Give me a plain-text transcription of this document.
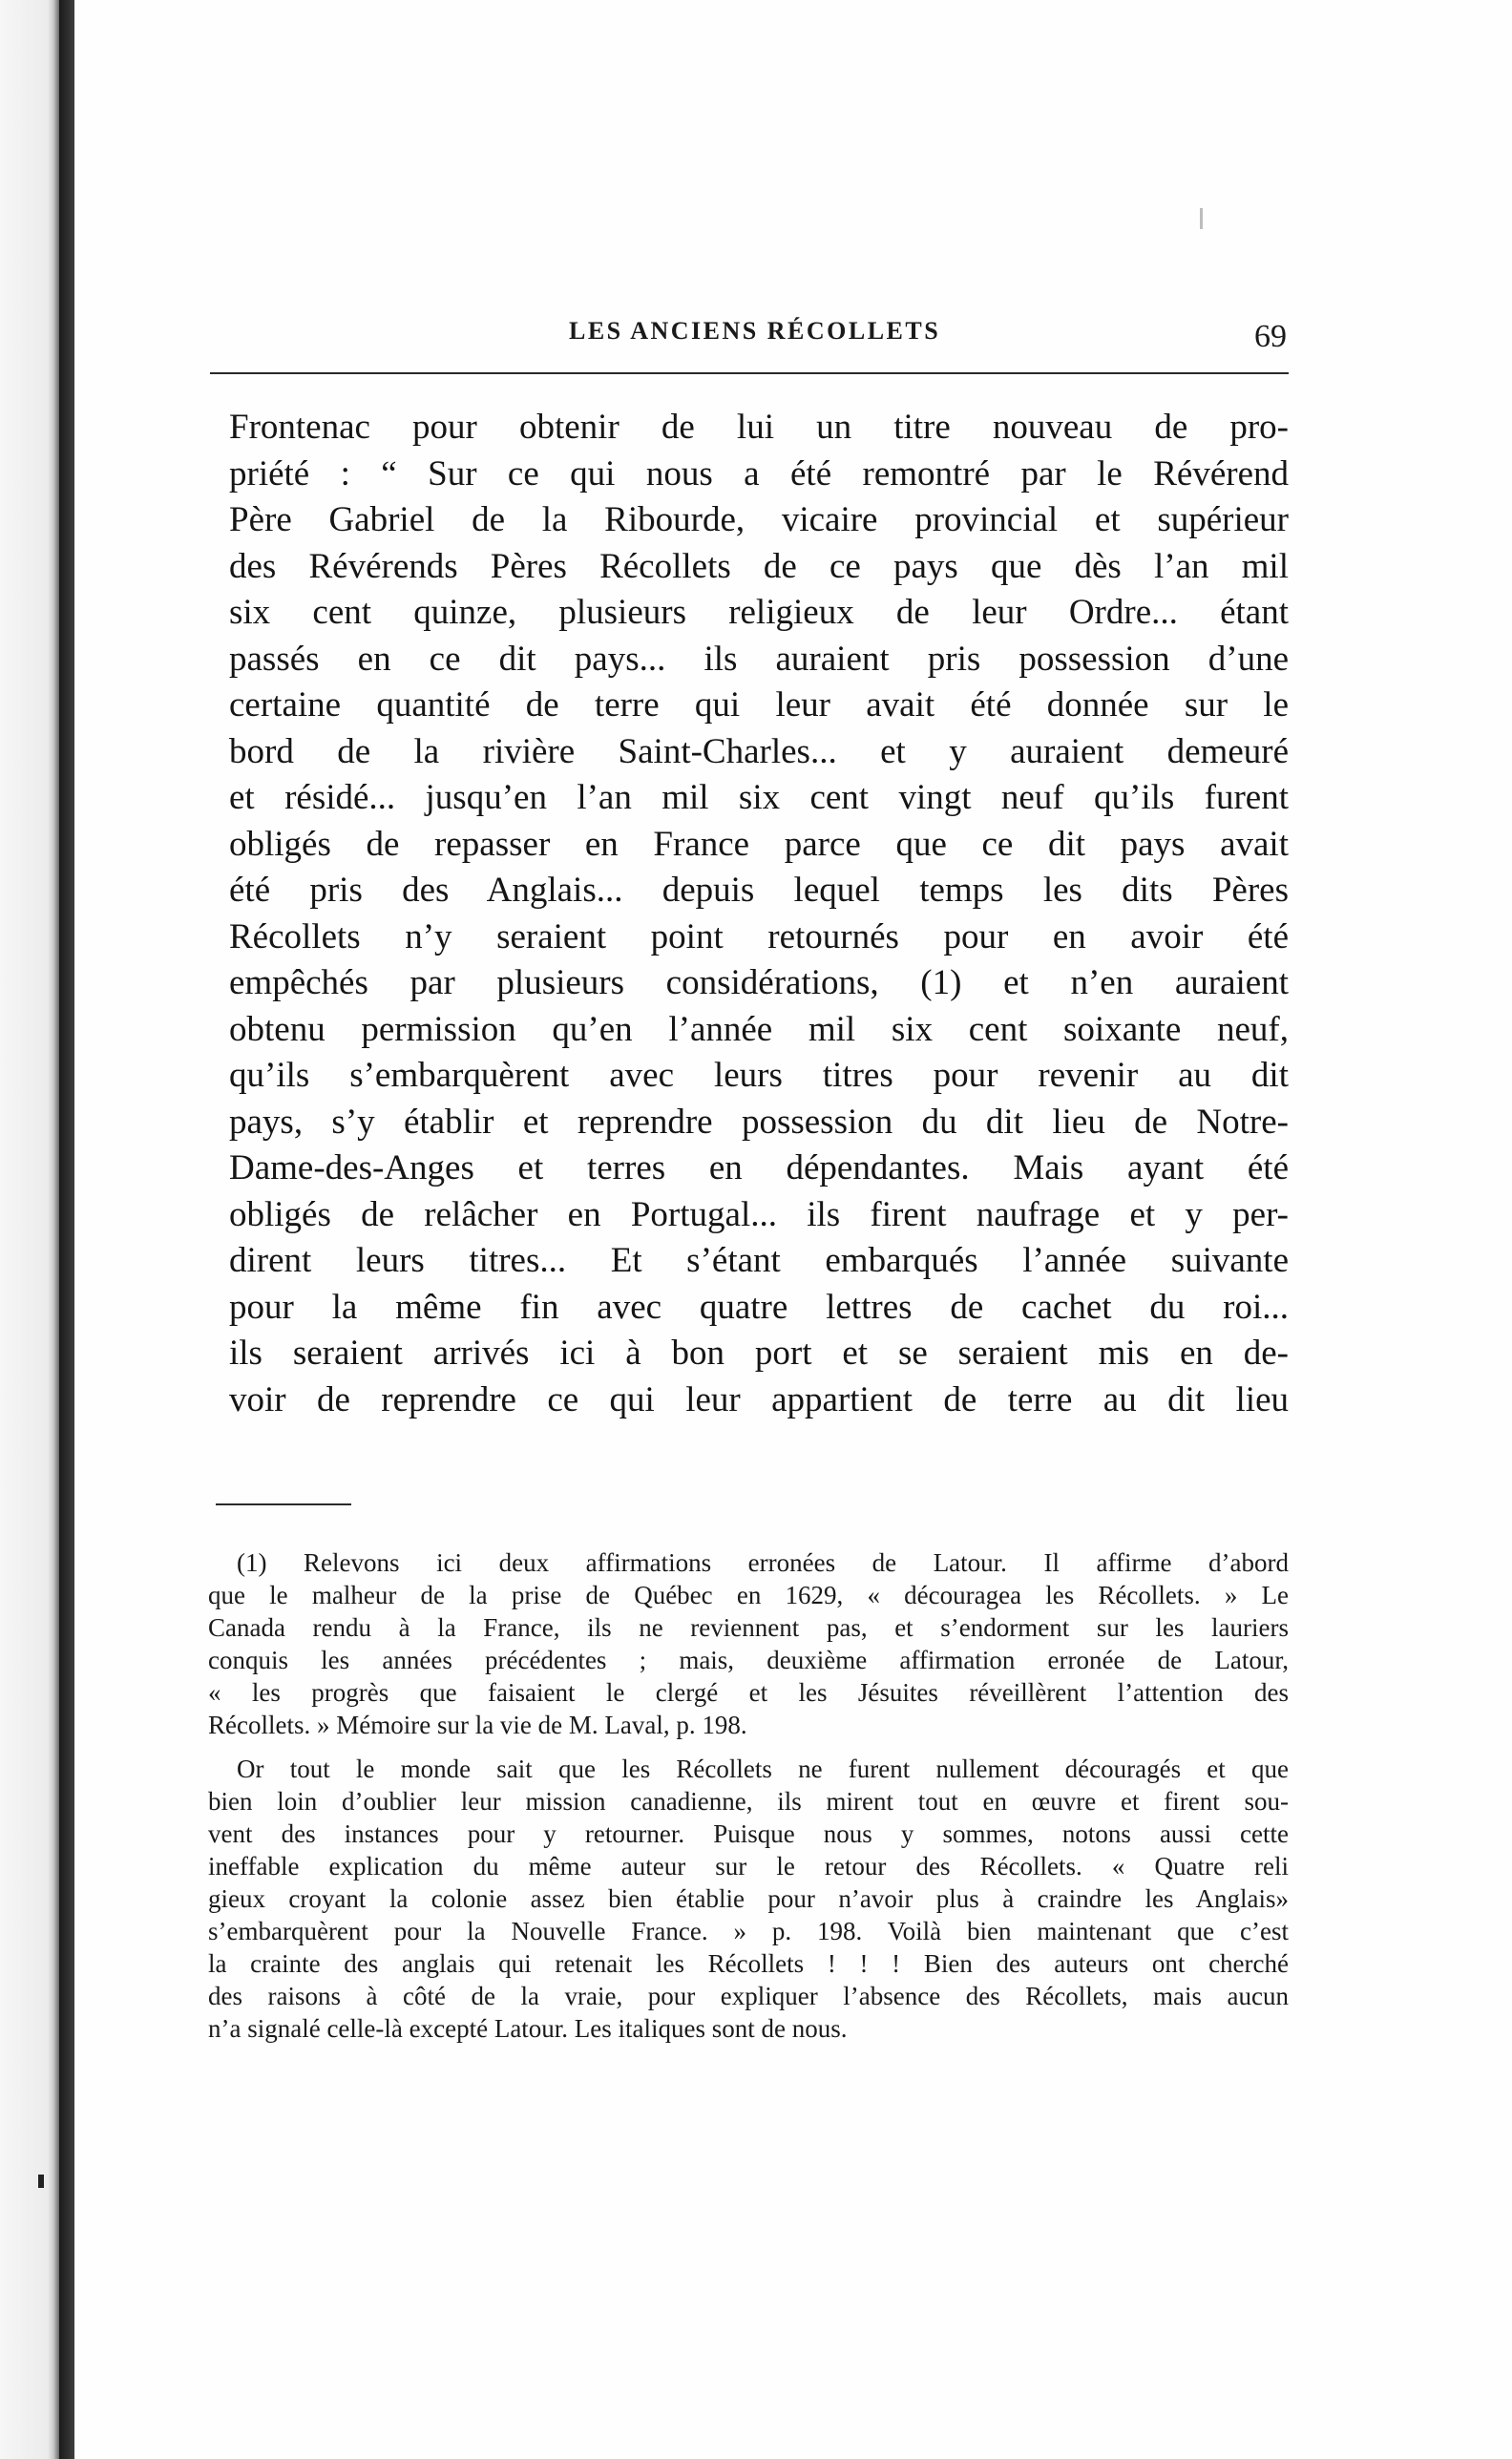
LES ANCIENS RÉCOLLETS	69
Frontenac pour obtenir de lui un titre nouveau de pro-
priété : “ Sur ce qui nous a été remontré par le Révérend
Père Gabriel de la Ribourde, vicaire provincial et supérieur
des Révérends Pères Récollets de ce pays que dès l’an mil
six cent quinze, plusieurs religieux de leur Ordre... étant
passés en ce dit pays... ils auraient pris possession d’une
certaine quantité de terre qui leur avait été donnée sur le
bord de la rivière Saint-Charles... et y auraient demeuré
et résidé... jusqu’en l’an mil six cent vingt neuf qu’ils furent
obligés de repasser en France parce que ce dit pays avait
été pris des Anglais... depuis lequel temps les dits Pères
Récollets n’y seraient point retournés pour en avoir été
empêchés par plusieurs considérations, (1) et n’en auraient
obtenu permission qu’en l’année mil six cent soixante neuf,
qu’ils s’embarquèrent avec leurs titres pour revenir au dit
pays, s’y établir et reprendre possession du dit lieu de Notre-
Dame-des-Anges et terres en dépendantes. Mais ayant été
obligés de relâcher en Portugal... ils firent naufrage et y per-
dirent leurs titres... Et s’étant embarqués l’année suivante
pour la même fin avec quatre lettres de cachet du roi...
ils seraient arrivés ici à bon port et se seraient mis en de-
voir de reprendre ce qui leur appartient de terre au dit lieu
(1) Relevons ici deux affirmations erronées de Latour. Il affirme d’abord
que le malheur de la prise de Québec en 1629, « découragea les Récollets. » Le
Canada rendu à la France, ils ne reviennent pas, et s’endorment sur les lauriers
conquis les années précédentes ; mais, deuxième affirmation erronée de Latour,
« les progrès que faisaient le clergé et les Jésuites réveillèrent l’attention des
Récollets. » Mémoire sur la vie de M. Laval, p. 198.
Or tout le monde sait que les Récollets ne furent nullement découragés et que
bien loin d’oublier leur mission canadienne, ils mirent tout en œuvre et firent sou-
vent des instances pour y retourner. Puisque nous y sommes, notons aussi cette
ineffable explication du même auteur sur le retour des Récollets. « Quatre reli
gieux croyant la colonie assez bien établie pour n’avoir plus à craindre les Anglais»
s’embarquèrent pour la Nouvelle France. » p. 198. Voilà bien maintenant que c’est
la crainte des anglais qui retenait les Récollets ! ! ! Bien des auteurs ont cherché
des raisons à côté de la vraie, pour expliquer l’absence des Récollets, mais aucun
n’a signalé celle-là excepté Latour. Les italiques sont de nous.
